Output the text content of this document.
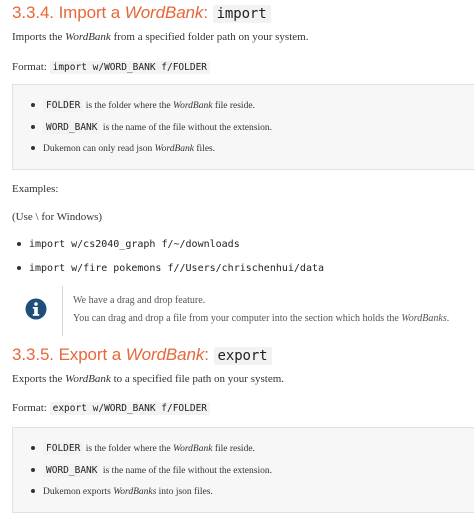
3.3.4. Import a WordBank: import
Imports the WordBank from a specified folder path on your system.
Format: import w/WORD_BANK f/FOLDER
FOLDER is the folder where the WordBank file reside.
WORD_BANK is the name of the file without the extension.
Dukemon can only read json WordBank files.
Examples:
(Use \ for Windows)
import w/cs2040_graph f/~/downloads
import w/fire pokemons f//Users/chrischenhui/data
We have a drag and drop feature.
You can drag and drop a file from your computer into the section which holds the WordBanks.
3.3.5. Export a WordBank: export
Exports the WordBank to a specified file path on your system.
Format: export w/WORD_BANK f/FOLDER
FOLDER is the folder where the WordBank file reside.
WORD_BANK is the name of the file without the extension.
Dukemon exports WordBanks into json files.
